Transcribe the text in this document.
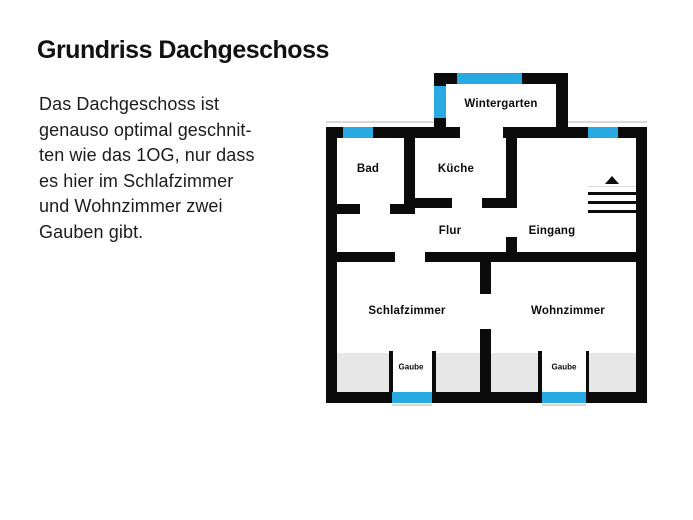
Grundriss Dachgeschoss
Das Dachgeschoss ist
genauso optimal geschnit-
ten wie das 1OG, nur dass
es hier im Schlafzimmer
und Wohnzimmer zwei
Gauben gibt.
Wintergarten
Bad	Küche
Flur	Eingang
Schlafzimmer	Wohnzimmer
Gaube	Gaube
